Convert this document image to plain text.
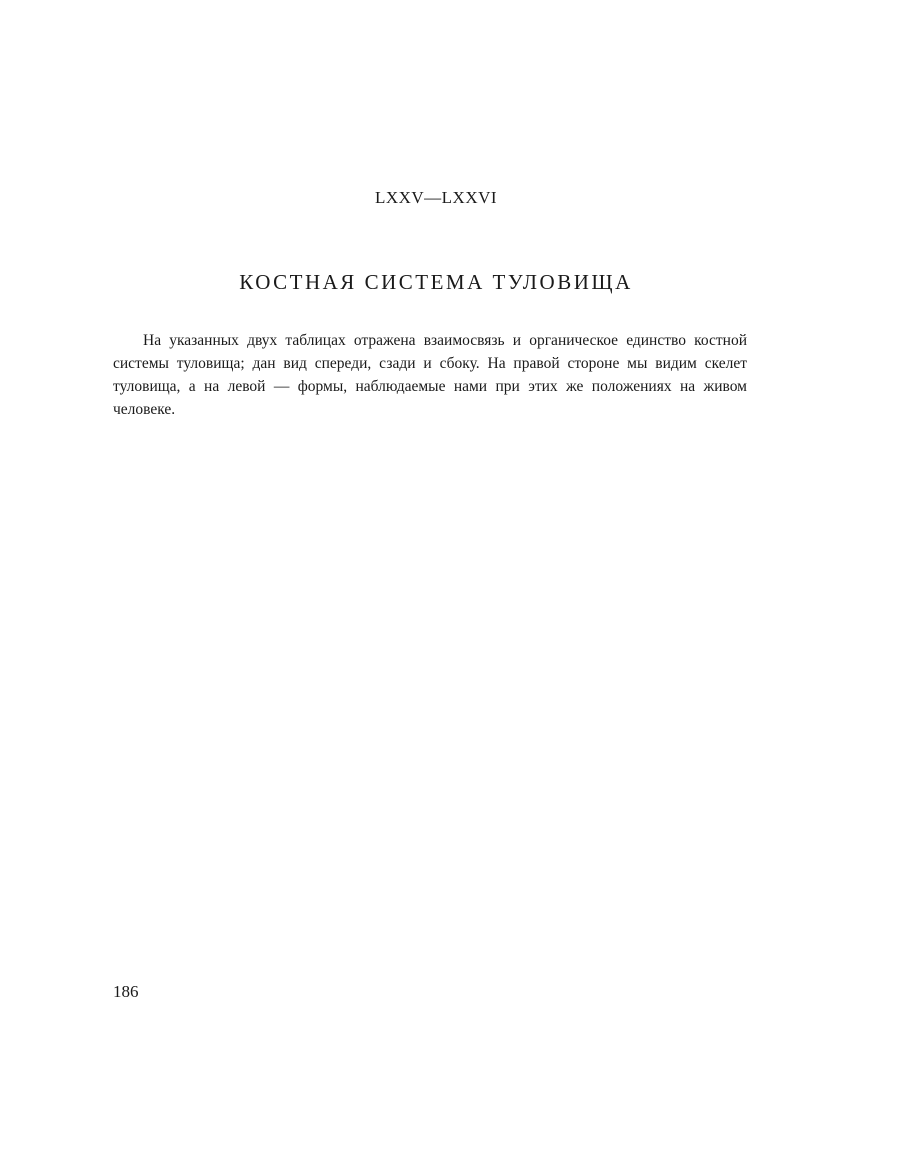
LXXV—LXXVI
КОСТНАЯ СИСТЕМА ТУЛОВИЩА

На указанных двух таблицах отражена взаимосвязь и органическое единство костной системы туловища; дан вид спереди, сзади и сбоку. На правой стороне мы видим скелет туловища, а на левой — формы, наблюдаемые нами при этих же положениях на живом человеке.

186
